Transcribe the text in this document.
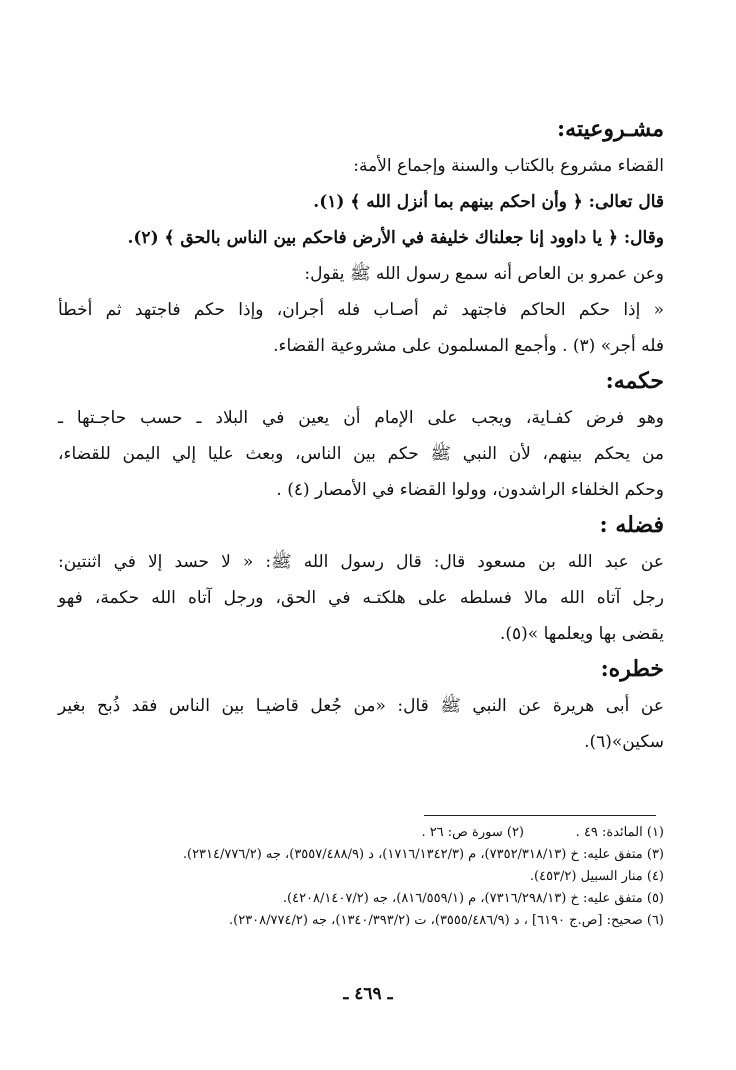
مشـروعيته:
القضاء مشروع بالكتاب والسنة وإجماع الأمة:
قال تعالى: ﴿ وأن احكم بينهم بما أنزل الله ﴾ (١).
وقال: ﴿ يا داوود إنا جعلناك خليفة في الأرض فاحكم بين الناس بالحق ﴾ (٢).
وعن عمرو بن العاص أنه سمع رسول الله ﷺ يقول:
« إذا حكم الحاكم فاجتهد ثم أصـاب فله أجران، وإذا حكم فاجتهد ثم أخطأ
فله أجر» (٣) . وأجمع المسلمون على مشروعية القضاء.
حكمه:
وهو فرض كفـاية، ويجب على الإمام أن يعين في البلاد ـ حسب حاجـتها ـ
من يحكم بينهم، لأن النبي ﷺ حكم بين الناس، وبعث عليا إلي اليمن للقضاء،
وحكم الخلفاء الراشدون، وولوا القضاء في الأمصار (٤) .
فضله :
عن عبد الله بن مسعود قال: قال رسول الله ﷺ: « لا حسد إلا في اثنتين:
رجل آتاه الله مالا فسلطه على هلكتـه في الحق، ورجل آتاه الله حكمة، فهو
يقضى بها ويعلمها »(٥).
خطره:
عن أبى هريرة عن النبي ﷺ قال: «من جُعل قاضيـا بين الناس فقد ذُبح بغير
سكين»(٦).
(١) المائدة: ٤٩ .
(٢) سورة ص: ٢٦ .
(٣) متفق عليه: خ (٧٣٥٢/٣١٨/١٣)، م (١٧١٦/١٣٤٢/٣)، د (٣٥٥٧/٤٨٨/٩)، جه (٢٣١٤/٧٧٦/٢).
(٤) منار السبيل (٤٥٣/٢).
(٥) متفق عليه: خ (٧٣١٦/٢٩٨/١٣)، م (٨١٦/٥٥٩/١)، جه (٤٢٠٨/١٤٠٧/٢).
(٦) صحيح: [ص.ج ٦١٩٠] ، د (٣٥٥٥/٤٨٦/٩)، ت (١٣٤٠/٣٩٣/٢)، جه (٢٣٠٨/٧٧٤/٢).
ـ ٤٦٩ ـ
